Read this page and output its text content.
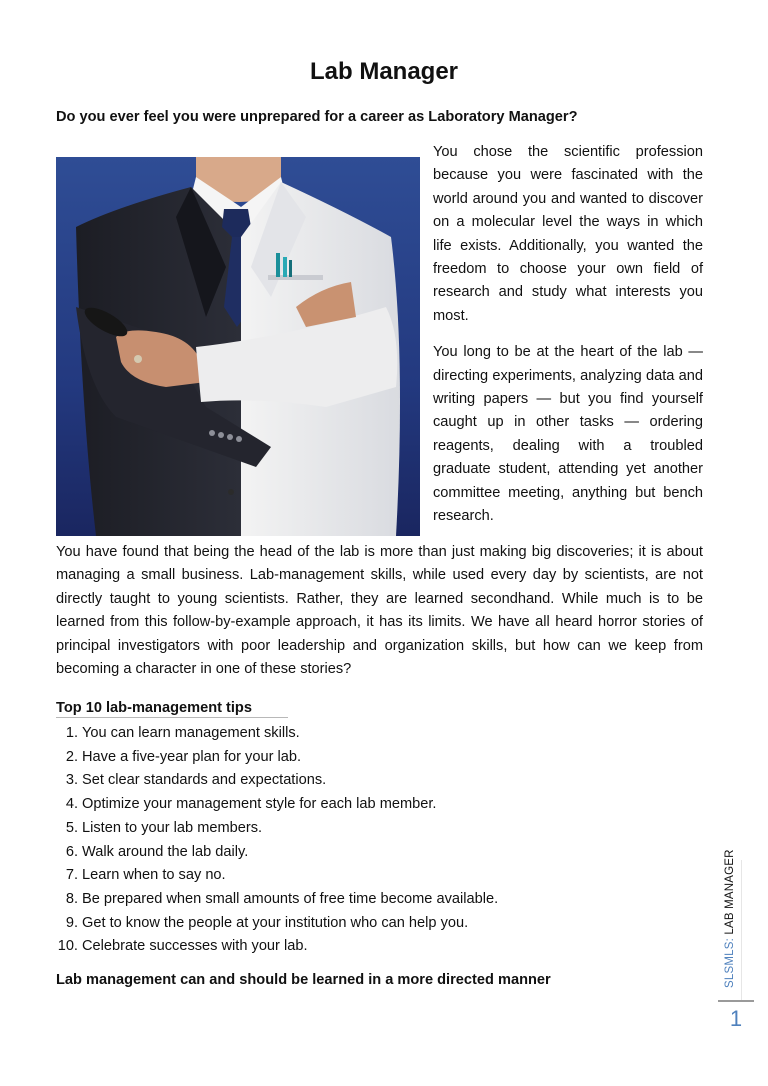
Lab Manager
Do you ever feel you were unprepared for a career as Laboratory Manager?

You chose the scientific profession because you were fascinated with the world around you and wanted to discover on a molecular level the ways in which life exists. Additionally, you wanted the freedom to choose your own field of research and study what interests you most.

You long to be at the heart of the lab — directing experiments, analyzing data and writing papers — but you find yourself caught up in other tasks — ordering reagents, dealing with a troubled graduate student, attending yet another committee meeting, anything but bench research.

You have found that being the head of the lab is more than just making big discoveries; it is about managing a small business. Lab-management skills, while used every day by scientists, are not directly taught to young scientists. Rather, they are learned secondhand. While much is to be learned from this follow-by-example approach, it has its limits. We have all heard horror stories of principal investigators with poor leadership and organization skills, but how can we keep from becoming a character in one of these stories?

Top 10 lab-management tips
1. You can learn management skills.
2. Have a five-year plan for your lab.
3. Set clear standards and expectations.
4. Optimize your management style for each lab member.
5. Listen to your lab members.
6. Walk around the lab daily.
7. Learn when to say no.
8. Be prepared when small amounts of free time become available.
9. Get to know the people at your institution who can help you.
10. Celebrate successes with your lab.
Lab management can and should be learned in a more directed manner	SLSMLS: LAB MANAGER
1
